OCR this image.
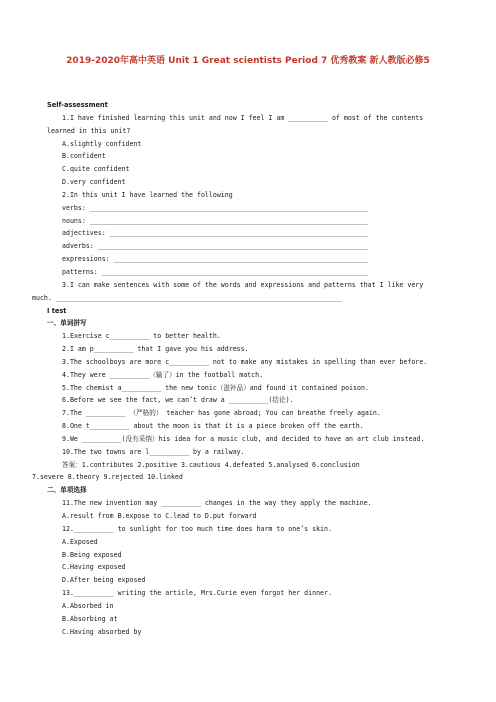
2019-2020年高中英语 Unit 1 Great scientists Period 7 优秀教案 新人教版必修5
Self-assessment
1.I have finished learning this unit and now I feel I am __________ of most of the contents
learned in this unit?
A.slightly confident
B.confident
C.quite confident
D.very confident
2.In this unit I have learned the following
verbs: ______________________________________________________________________
nouns: ______________________________________________________________________
adjectives: _________________________________________________________________
adverbs: ____________________________________________________________________
expressions: ________________________________________________________________
patterns: ___________________________________________________________________
3.I can make sentences with some of the words and expressions and patterns that I like very
much. ________________________________________________________________________
Ⅰ test
一、单词拼写
1.Exercise c__________ to better health.
2.I am p__________ that I gave you his address.
3.The schoolboys are more c__________ not to make any mistakes in spelling than ever before.
4.They were __________（输了）in the football match.
5.The chemist a__________ the new tonic（滋补品）and found it contained poison.
6.Before we see the fact, we can’t draw a __________(结论).
7.The __________ （严格的） teacher has gone abroad; You can breathe freely again.
8.One t__________ about the moon is that it is a piece broken off the earth.
9.We __________(没有采纳）his idea for a music club, and decided to have an art club instead.
10.The two towns are l__________ by a railway.
答案：1.contributes 2.positive 3.cautious 4.defeated 5.analysed 6.conclusion
7.severe 8.theory 9.rejected 10.linked
二、单项选择
11.The new invention may __________ changes in the way they apply the machine.
A.result from B.expose to C.lead to D.put forward
12.__________ to sunlight for too much time does harm to one’s skin.
A.Exposed
B.Being exposed
C.Having exposed
D.After being exposed
13.__________ writing the article, Mrs.Curie even forgot her dinner.
A.Absorbed in
B.Absorbing at
C.Having absorbed by
